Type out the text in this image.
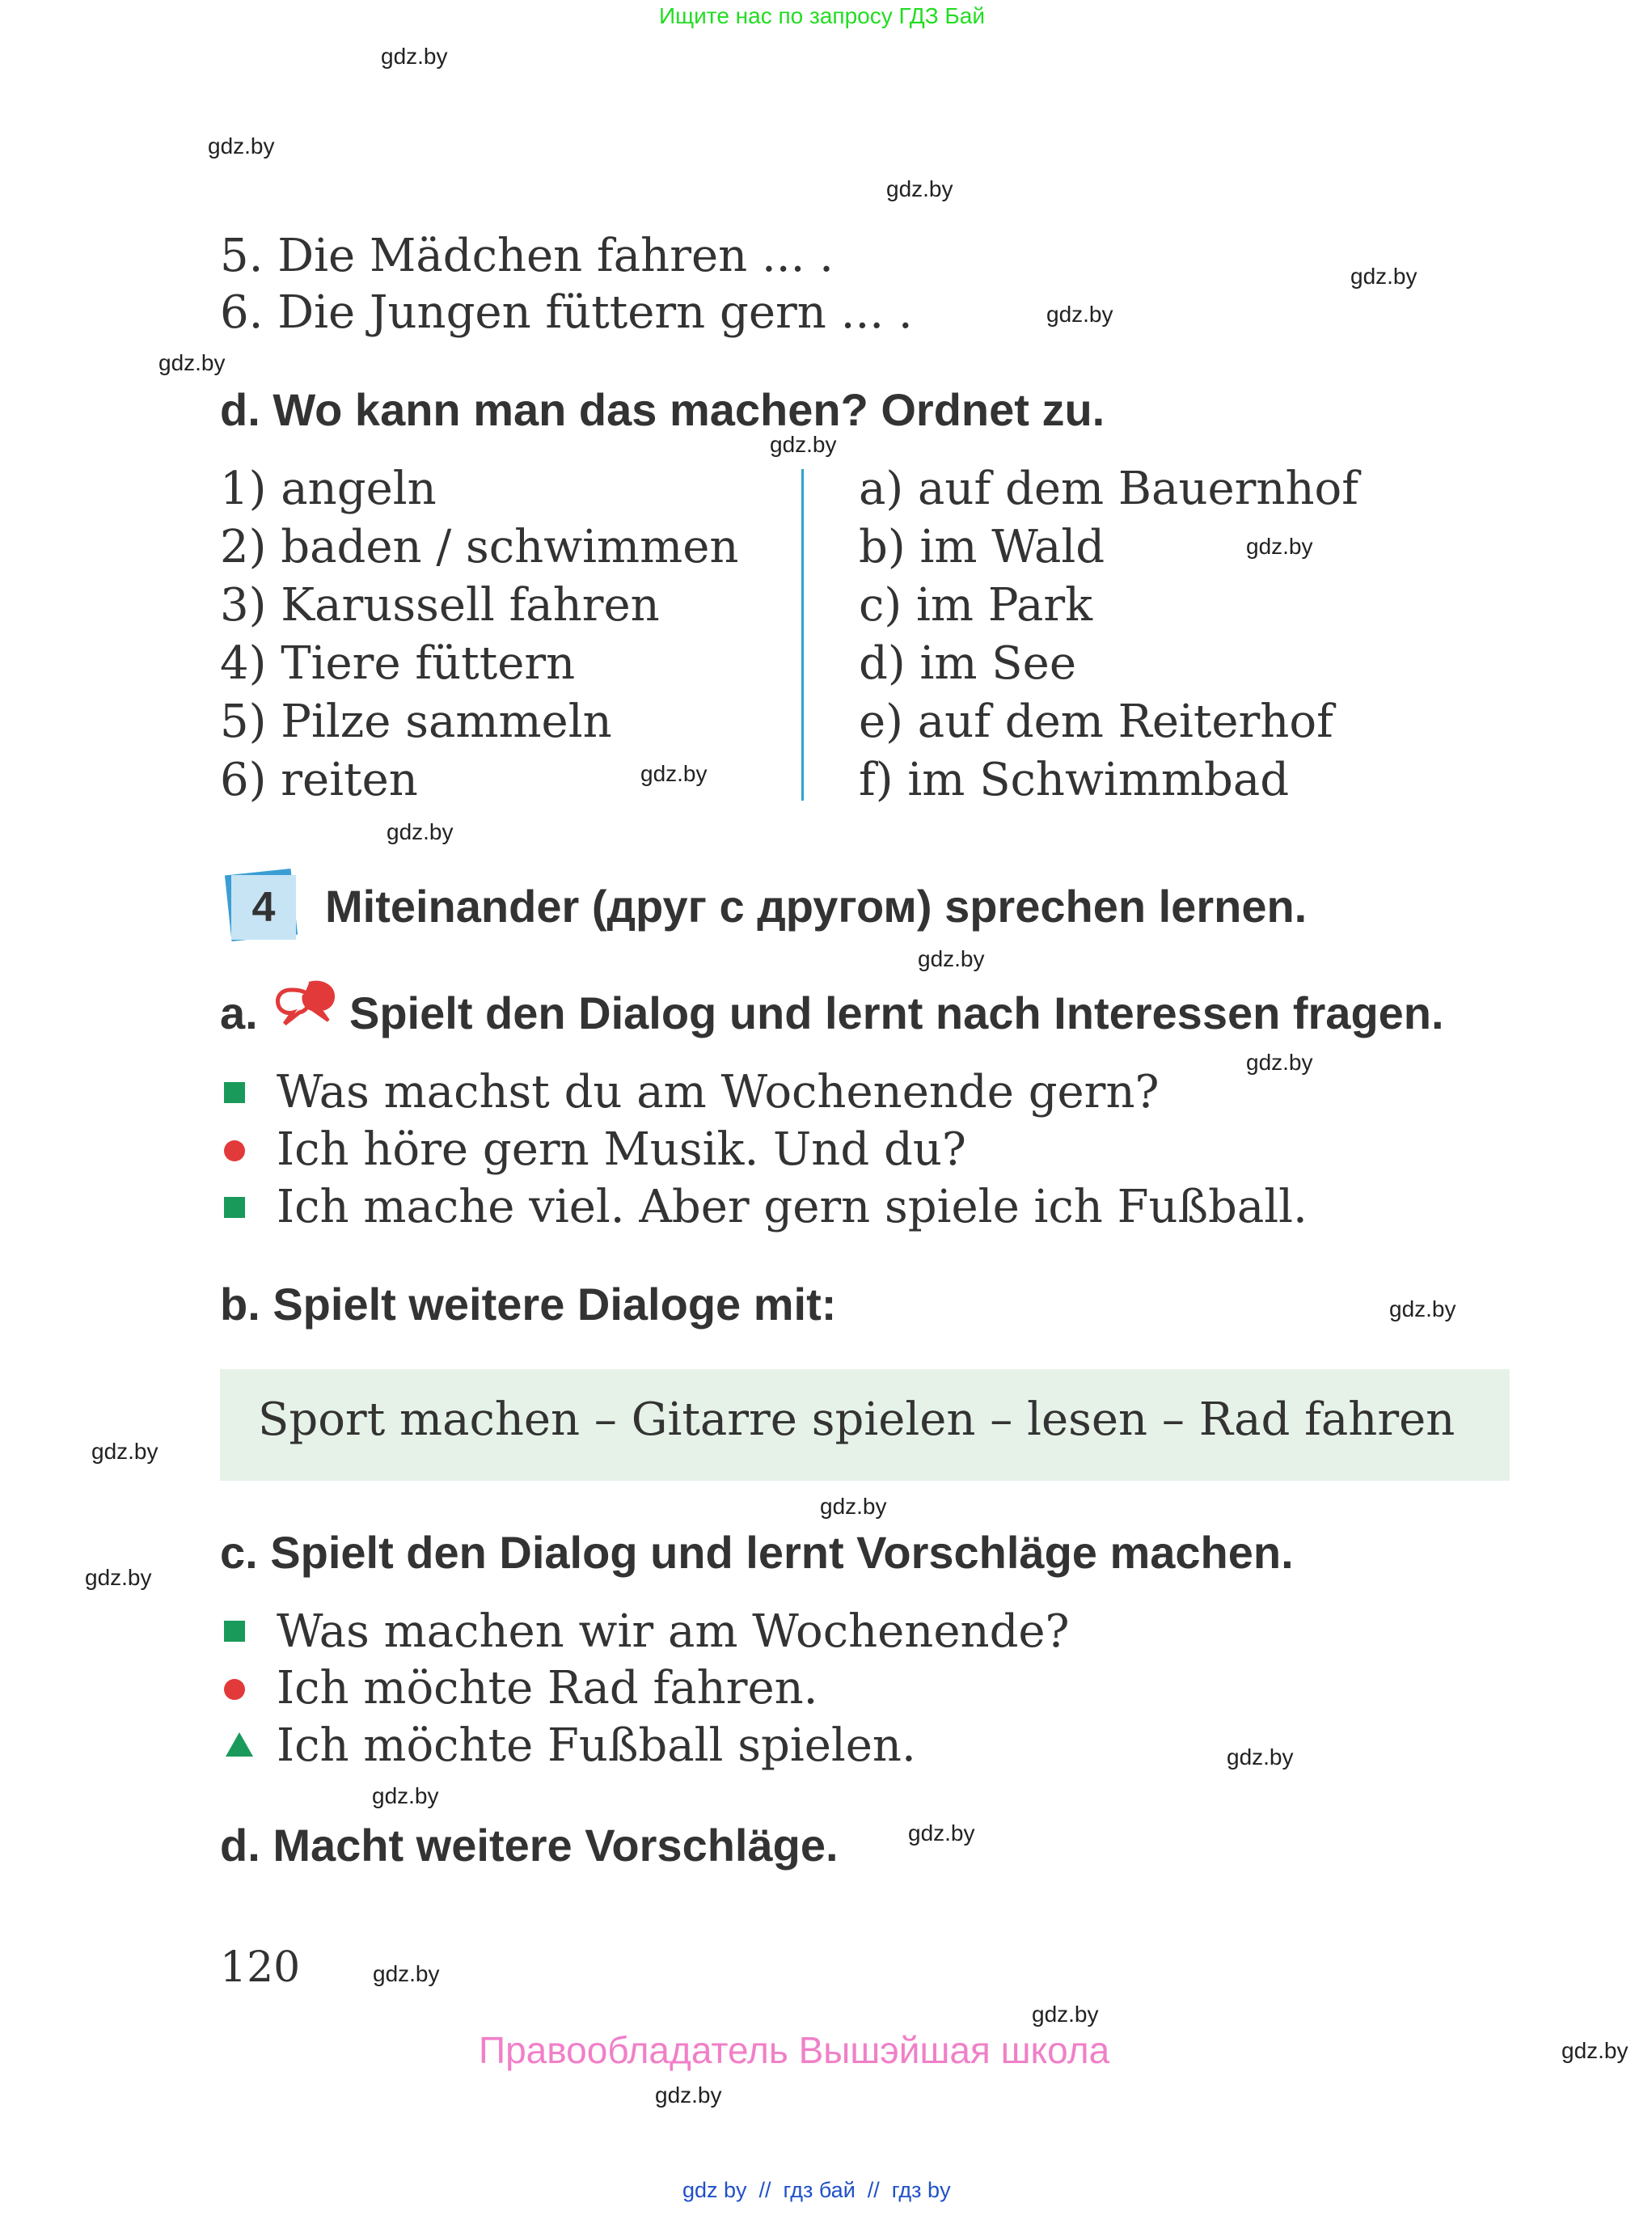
Ищите нас по запросу ГДЗ Бай
gdz.by
gdz.by
gdz.by
gdz.by
gdz.by
gdz.by
gdz.by
gdz.by
gdz.by
gdz.by
gdz.by
gdz.by
gdz.by
gdz.by
gdz.by
gdz.by
gdz.by
gdz.by
gdz.by
gdz.by
gdz.by
gdz.by
gdz.by
5. Die Mädchen fahren ... .
6. Die Jungen füttern gern ... .
d. Wo kann man das machen? Ordnet zu.
1) angeln
2) baden / schwimmen
3) Karussell fahren
4) Tiere füttern
5) Pilze sammeln
6) reiten
a) auf dem Bauernhof
b) im Wald
c) im Park
d) im See
e) auf dem Reiterhof
f) im Schwimmbad
4	Miteinander (друг с другом) sprechen lernen.
a. Spielt den Dialog und lernt nach Interessen fragen.
Was machst du am Wochenende gern?
Ich höre gern Musik. Und du?
Ich mache viel. Aber gern spiele ich Fußball.
b. Spielt weitere Dialoge mit:
Sport machen – Gitarre spielen – lesen – Rad fahren
c. Spielt den Dialog und lernt Vorschläge machen.
Was machen wir am Wochenende?
Ich möchte Rad fahren.
Ich möchte Fußball spielen.
d. Macht weitere Vorschläge.
120
Правообладатель Вышэйшая школа
gdz by  //  гдз бай  //  гдз by
